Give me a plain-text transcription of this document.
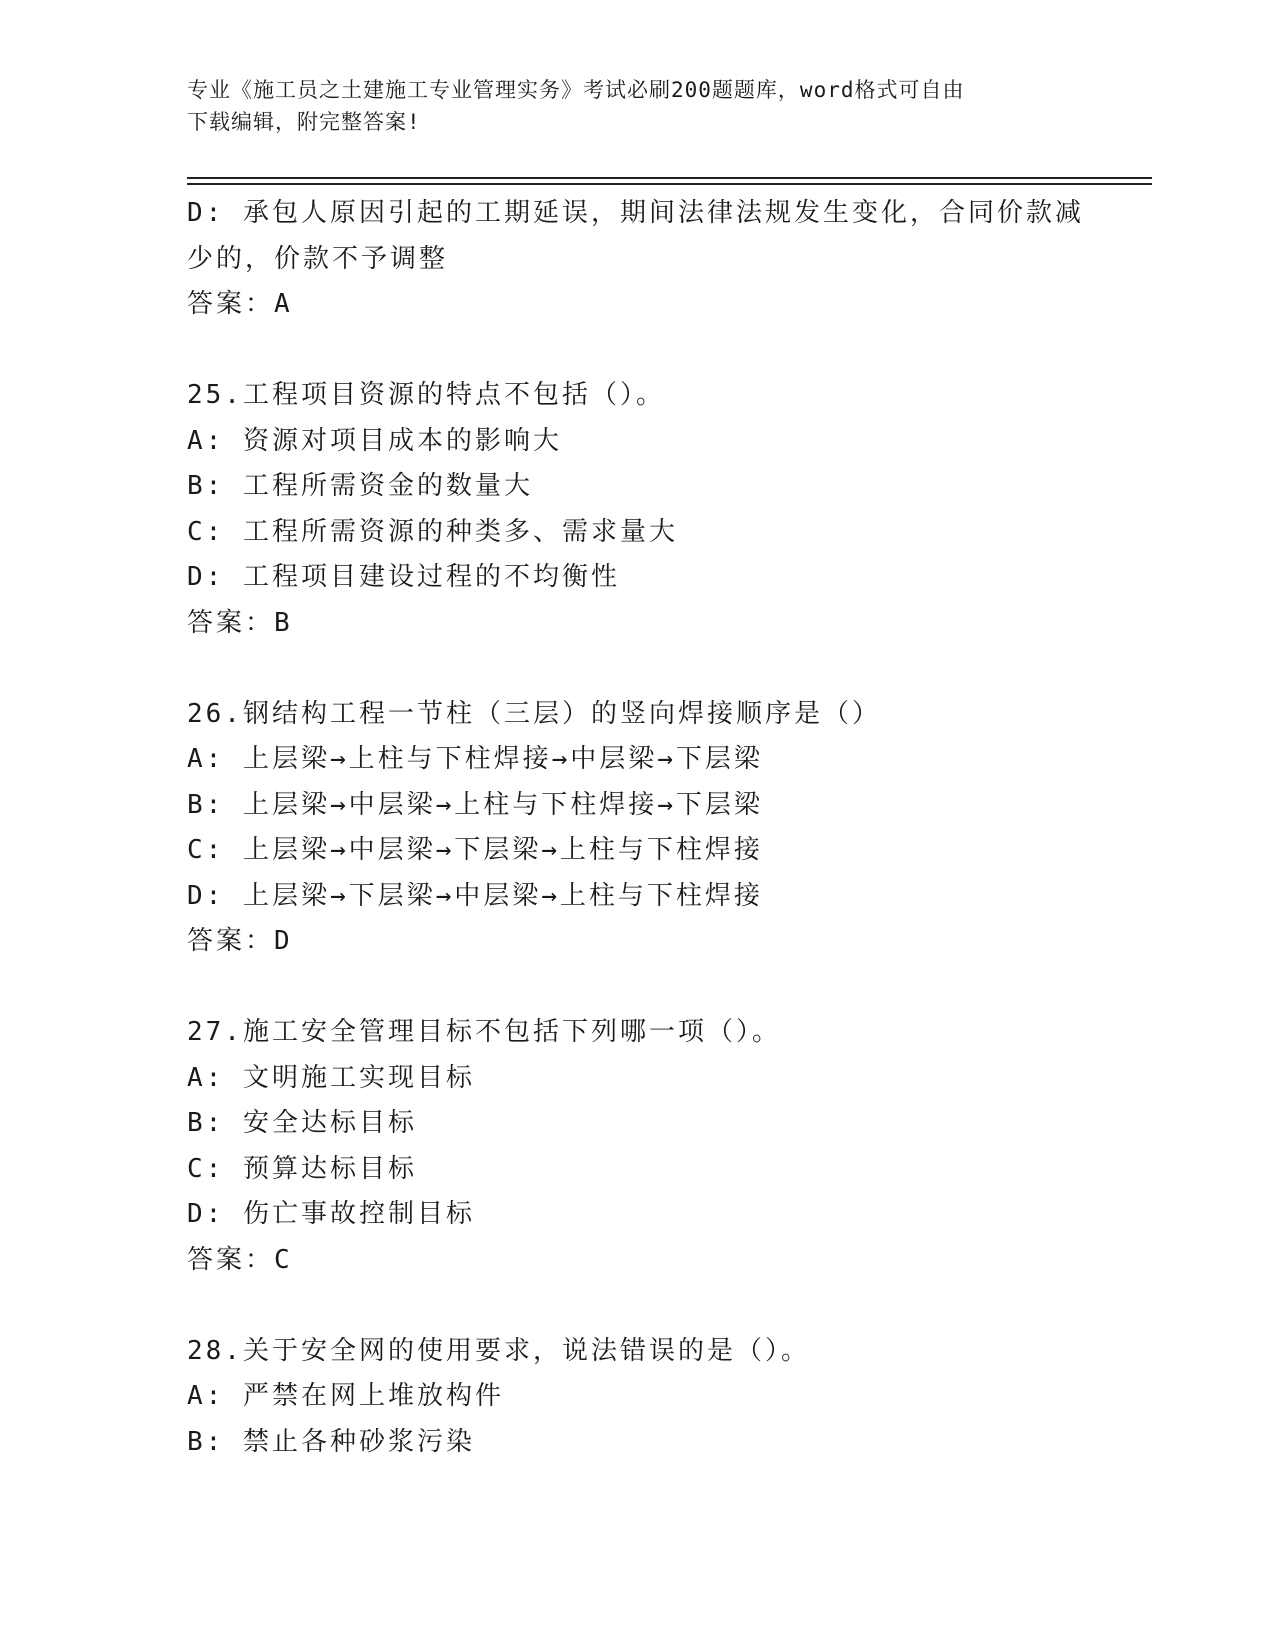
专业《施工员之土建施工专业管理实务》考试必刷200题题库，word格式可自由
下载编辑，附完整答案!
D: 承包人原因引起的工期延误，期间法律法规发生变化，合同价款减
少的，价款不予调整
答案：A
25.工程项目资源的特点不包括（）。
A: 资源对项目成本的影响大
B: 工程所需资金的数量大
C: 工程所需资源的种类多、需求量大
D: 工程项目建设过程的不均衡性
答案：B
26.钢结构工程一节柱（三层）的竖向焊接顺序是（）
A: 上层梁→上柱与下柱焊接→中层梁→下层梁
B: 上层梁→中层梁→上柱与下柱焊接→下层梁
C: 上层梁→中层梁→下层梁→上柱与下柱焊接
D: 上层梁→下层梁→中层梁→上柱与下柱焊接
答案：D
27.施工安全管理目标不包括下列哪一项（）。
A: 文明施工实现目标
B: 安全达标目标
C: 预算达标目标
D: 伤亡事故控制目标
答案：C
28.关于安全网的使用要求，说法错误的是（）。
A: 严禁在网上堆放构件
B: 禁止各种砂浆污染
